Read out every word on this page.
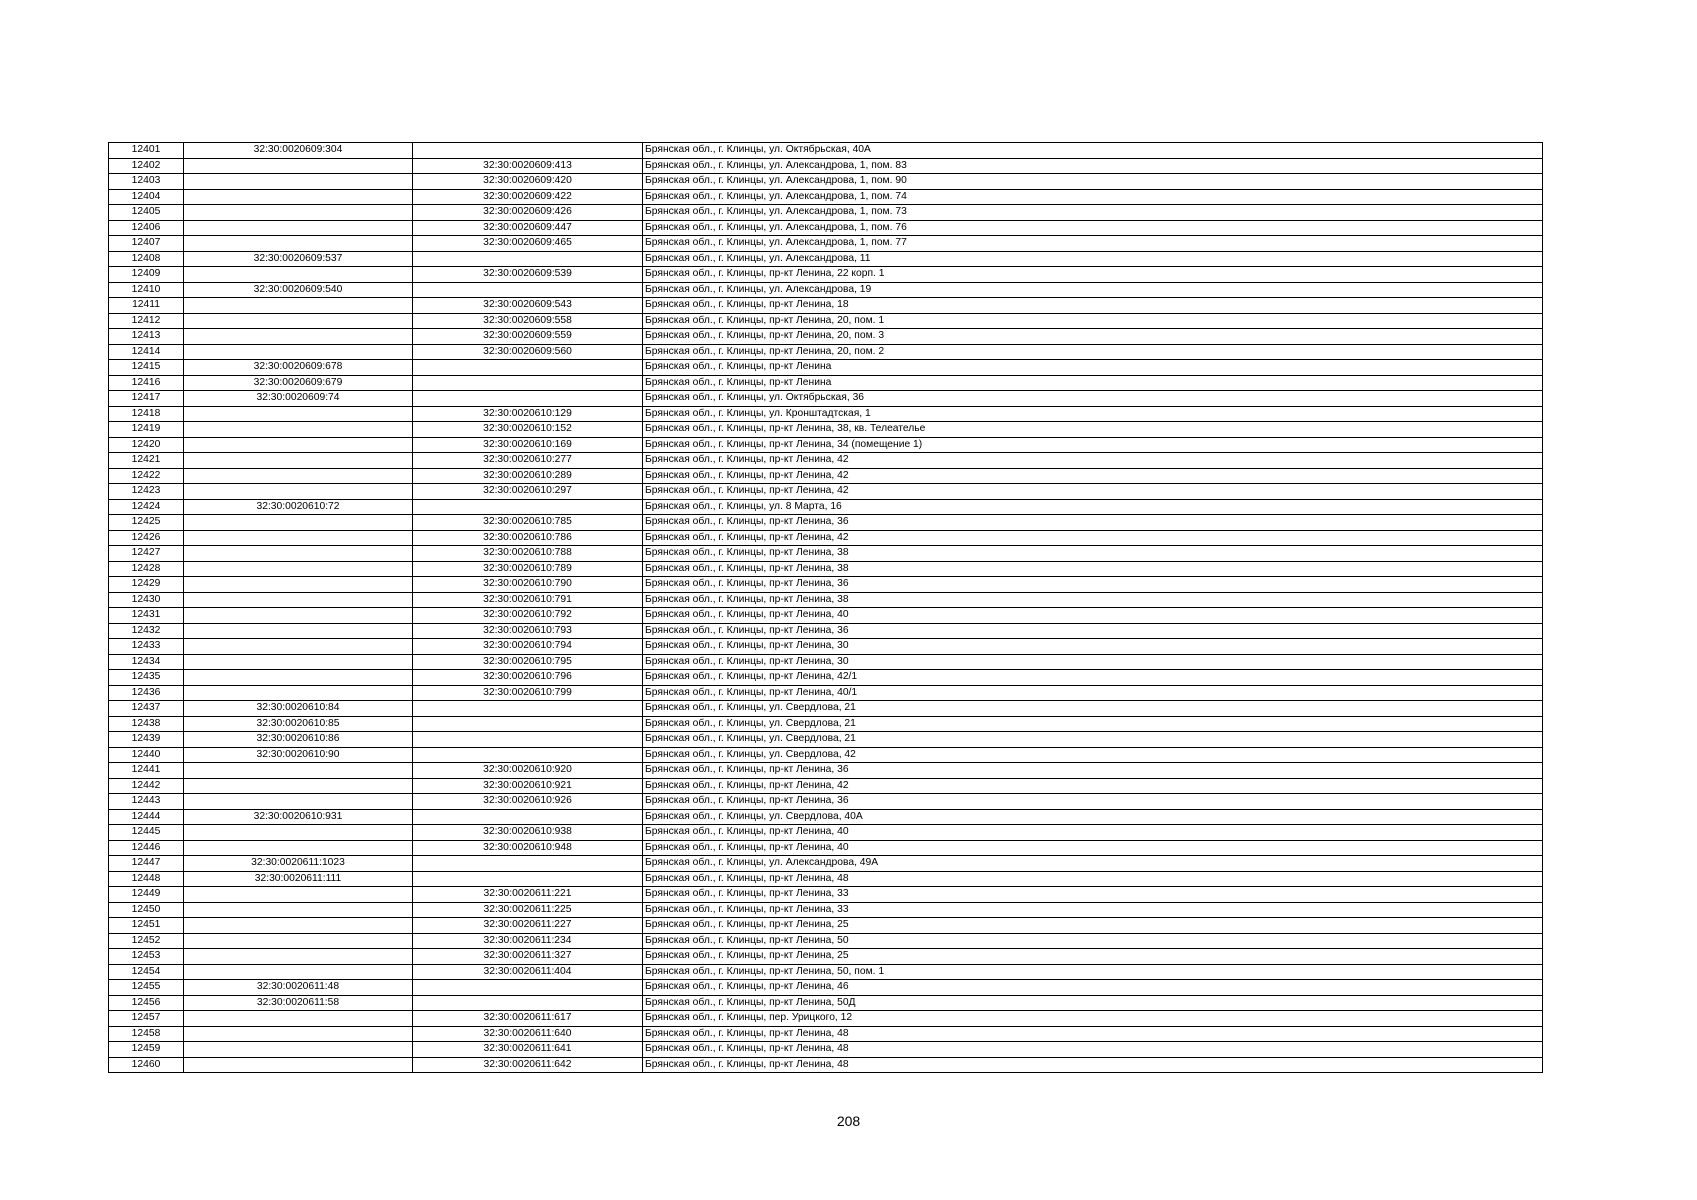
12401	32:30:0020609:304		Брянская обл., г. Клинцы, ул. Октябрьская, 40А
12402		32:30:0020609:413	Брянская обл., г. Клинцы, ул. Александрова, 1, пом. 83
12403		32:30:0020609:420	Брянская обл., г. Клинцы, ул. Александрова, 1, пом. 90
12404		32:30:0020609:422	Брянская обл., г. Клинцы, ул. Александрова, 1, пом. 74
12405		32:30:0020609:426	Брянская обл., г. Клинцы, ул. Александрова, 1, пом. 73
12406		32:30:0020609:447	Брянская обл., г. Клинцы, ул. Александрова, 1, пом. 76
12407		32:30:0020609:465	Брянская обл., г. Клинцы, ул. Александрова, 1, пом. 77
12408	32:30:0020609:537		Брянская обл., г. Клинцы, ул. Александрова, 11
12409		32:30:0020609:539	Брянская обл., г. Клинцы, пр-кт Ленина, 22 корп. 1
12410	32:30:0020609:540		Брянская обл., г. Клинцы, ул. Александрова, 19
12411		32:30:0020609:543	Брянская обл., г. Клинцы, пр-кт Ленина, 18
12412		32:30:0020609:558	Брянская обл., г. Клинцы, пр-кт Ленина, 20, пом. 1
12413		32:30:0020609:559	Брянская обл., г. Клинцы, пр-кт Ленина, 20, пом. 3
12414		32:30:0020609:560	Брянская обл., г. Клинцы, пр-кт Ленина, 20, пом. 2
12415	32:30:0020609:678		Брянская обл., г. Клинцы, пр-кт Ленина
12416	32:30:0020609:679		Брянская обл., г. Клинцы, пр-кт Ленина
12417	32:30:0020609:74		Брянская обл., г. Клинцы, ул. Октябрьская, 36
12418		32:30:0020610:129	Брянская обл., г. Клинцы, ул. Кронштадтская, 1
12419		32:30:0020610:152	Брянская обл., г. Клинцы, пр-кт Ленина, 38, кв. Телеателье
12420		32:30:0020610:169	Брянская обл., г. Клинцы, пр-кт Ленина, 34 (помещение 1)
12421		32:30:0020610:277	Брянская обл., г. Клинцы, пр-кт Ленина, 42
12422		32:30:0020610:289	Брянская обл., г. Клинцы, пр-кт Ленина, 42
12423		32:30:0020610:297	Брянская обл., г. Клинцы, пр-кт Ленина, 42
12424	32:30:0020610:72		Брянская обл., г. Клинцы, ул. 8 Марта, 16
12425		32:30:0020610:785	Брянская обл., г. Клинцы, пр-кт Ленина, 36
12426		32:30:0020610:786	Брянская обл., г. Клинцы, пр-кт Ленина, 42
12427		32:30:0020610:788	Брянская обл., г. Клинцы, пр-кт Ленина, 38
12428		32:30:0020610:789	Брянская обл., г. Клинцы, пр-кт Ленина, 38
12429		32:30:0020610:790	Брянская обл., г. Клинцы, пр-кт Ленина, 36
12430		32:30:0020610:791	Брянская обл., г. Клинцы, пр-кт Ленина, 38
12431		32:30:0020610:792	Брянская обл., г. Клинцы, пр-кт Ленина, 40
12432		32:30:0020610:793	Брянская обл., г. Клинцы, пр-кт Ленина, 36
12433		32:30:0020610:794	Брянская обл., г. Клинцы, пр-кт Ленина, 30
12434		32:30:0020610:795	Брянская обл., г. Клинцы, пр-кт Ленина, 30
12435		32:30:0020610:796	Брянская обл., г. Клинцы, пр-кт Ленина, 42/1
12436		32:30:0020610:799	Брянская обл., г. Клинцы, пр-кт Ленина, 40/1
12437	32:30:0020610:84		Брянская обл., г. Клинцы, ул. Свердлова, 21
12438	32:30:0020610:85		Брянская обл., г. Клинцы, ул. Свердлова, 21
12439	32:30:0020610:86		Брянская обл., г. Клинцы, ул. Свердлова, 21
12440	32:30:0020610:90		Брянская обл., г. Клинцы, ул. Свердлова, 42
12441		32:30:0020610:920	Брянская обл., г. Клинцы, пр-кт Ленина, 36
12442		32:30:0020610:921	Брянская обл., г. Клинцы, пр-кт Ленина, 42
12443		32:30:0020610:926	Брянская обл., г. Клинцы, пр-кт Ленина, 36
12444	32:30:0020610:931		Брянская обл., г. Клинцы, ул. Свердлова, 40А
12445		32:30:0020610:938	Брянская обл., г. Клинцы, пр-кт Ленина, 40
12446		32:30:0020610:948	Брянская обл., г. Клинцы, пр-кт Ленина, 40
12447	32:30:0020611:1023		Брянская обл., г. Клинцы, ул. Александрова, 49А
12448	32:30:0020611:111		Брянская обл., г. Клинцы, пр-кт Ленина, 48
12449		32:30:0020611:221	Брянская обл., г. Клинцы, пр-кт Ленина, 33
12450		32:30:0020611:225	Брянская обл., г. Клинцы, пр-кт Ленина, 33
12451		32:30:0020611:227	Брянская обл., г. Клинцы, пр-кт Ленина, 25
12452		32:30:0020611:234	Брянская обл., г. Клинцы, пр-кт Ленина, 50
12453		32:30:0020611:327	Брянская обл., г. Клинцы, пр-кт Ленина, 25
12454		32:30:0020611:404	Брянская обл., г. Клинцы, пр-кт Ленина, 50, пом. 1
12455	32:30:0020611:48		Брянская обл., г. Клинцы, пр-кт Ленина, 46
12456	32:30:0020611:58		Брянская обл., г. Клинцы, пр-кт Ленина, 50Д
12457		32:30:0020611:617	Брянская обл., г. Клинцы, пер. Урицкого, 12
12458		32:30:0020611:640	Брянская обл., г. Клинцы, пр-кт Ленина, 48
12459		32:30:0020611:641	Брянская обл., г. Клинцы, пр-кт Ленина, 48
12460		32:30:0020611:642	Брянская обл., г. Клинцы, пр-кт Ленина, 48
208
